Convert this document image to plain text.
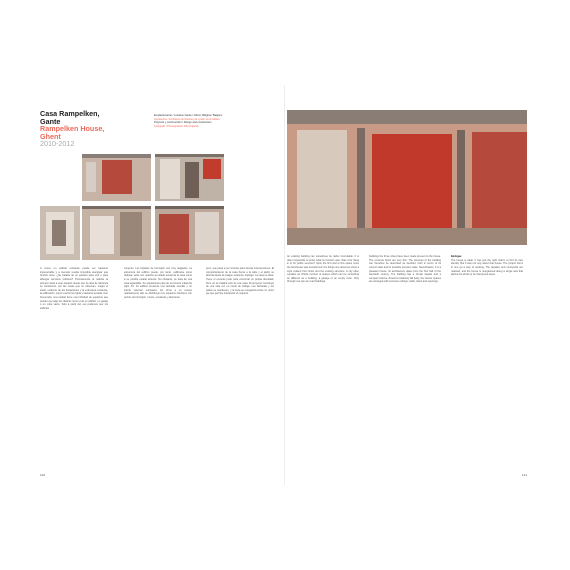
Casa Rampelken, Gante
Rampelken House, Ghent
2010-2012
Emplazamiento / Location Gante / Ghent, Bélgica / Belgium
Arquitectos / Architects architecten de vylder vinck taillieu
Proyecto y construcción / Design and construction
Fotógrafo / Photographer Filip Dujardin

A veces un edificio existente puede ser bastante impenetrable y a menudo resulta imposible averiguar qué función tiene. ¿Se trataba de un espacio para vivir o para albergar servicios públicos? Precisamente al realizar la primera visita a este espacio desde que la casa de labranza se transformó, por las cosas que se observan, surgía el estilo, evidente de las limitaciones y la estructura existente, la edificación, como una forma rígida y bastante pesada. Con frecuencia, una ciudad tiene una infinidad de espacios que pueden ser algo tan distinto como el de un edificio, un garaje o un cubo vacío. Solo a partir del uso podemos leer los edificios.

conjunto. Los forjados de hormigón son muy delgados. La estructura del edificio puede, por tanto, calificarse como dudosa; tanto con relación al estado actual de la casa como a su posible estado anterior. No obstante, se trata de una casa agradable. Su arquitectura para de la primera mitad del siglo XX. El edificio presenta una fachada sencilla y un sobrio volumen compacto. En torno a un cuerpo relativamente alto se distribuyen los espacios interiores con techos de hormigón, muros, escaleras y aberturas.

puro, que pasa a ser síntesis para futuras intervenciones. El comportamiento de la casa frente a la calle y el jardín se aborda desde la imagen existente. Epílogo. La casa es ideal. Tiene el encanto justo para encontrar su propia identidad. Pero no se trataba solo de esa casa. El proyecto constituye de una sola vez un modo de trabajo. Las fachadas y los patios se mantienen, y la casa se reorganiza sobre un único eje que permite interpretar el conjunto.

120

An existing building can sometimes be rather inscrutable. It is often impossible to know what its function was. Was it for living in or for public services? Upon the first visit to this space since the farmhouse was transformed, the things one observes show a style evident from limits and the existing structure. A city often contains an infinite number of spaces which can be something as different as a building, a garage or an empty cube. Only through use can we read buildings.

buildings the three slices have been made present to the house. The concrete floors are very thin. The structure of the building can therefore be described as doubtful, both in terms of its current state and its possible previous state. Nevertheless, it is a pleasant house. Its architecture dates from the first half of the twentieth century. The building has a simple façade and a compact volume. Around a relatively tall body, the interior spaces are arranged with concrete ceilings, walls, stairs and openings.

Epilogue

The house is ideal. It has just the right charm to find its own identity. But it was not only about that house. The project forms in one go a way of working. The façades and courtyards are retained, and the house is reorganised along a single axis that allows the whole to be interpreted anew.

121
